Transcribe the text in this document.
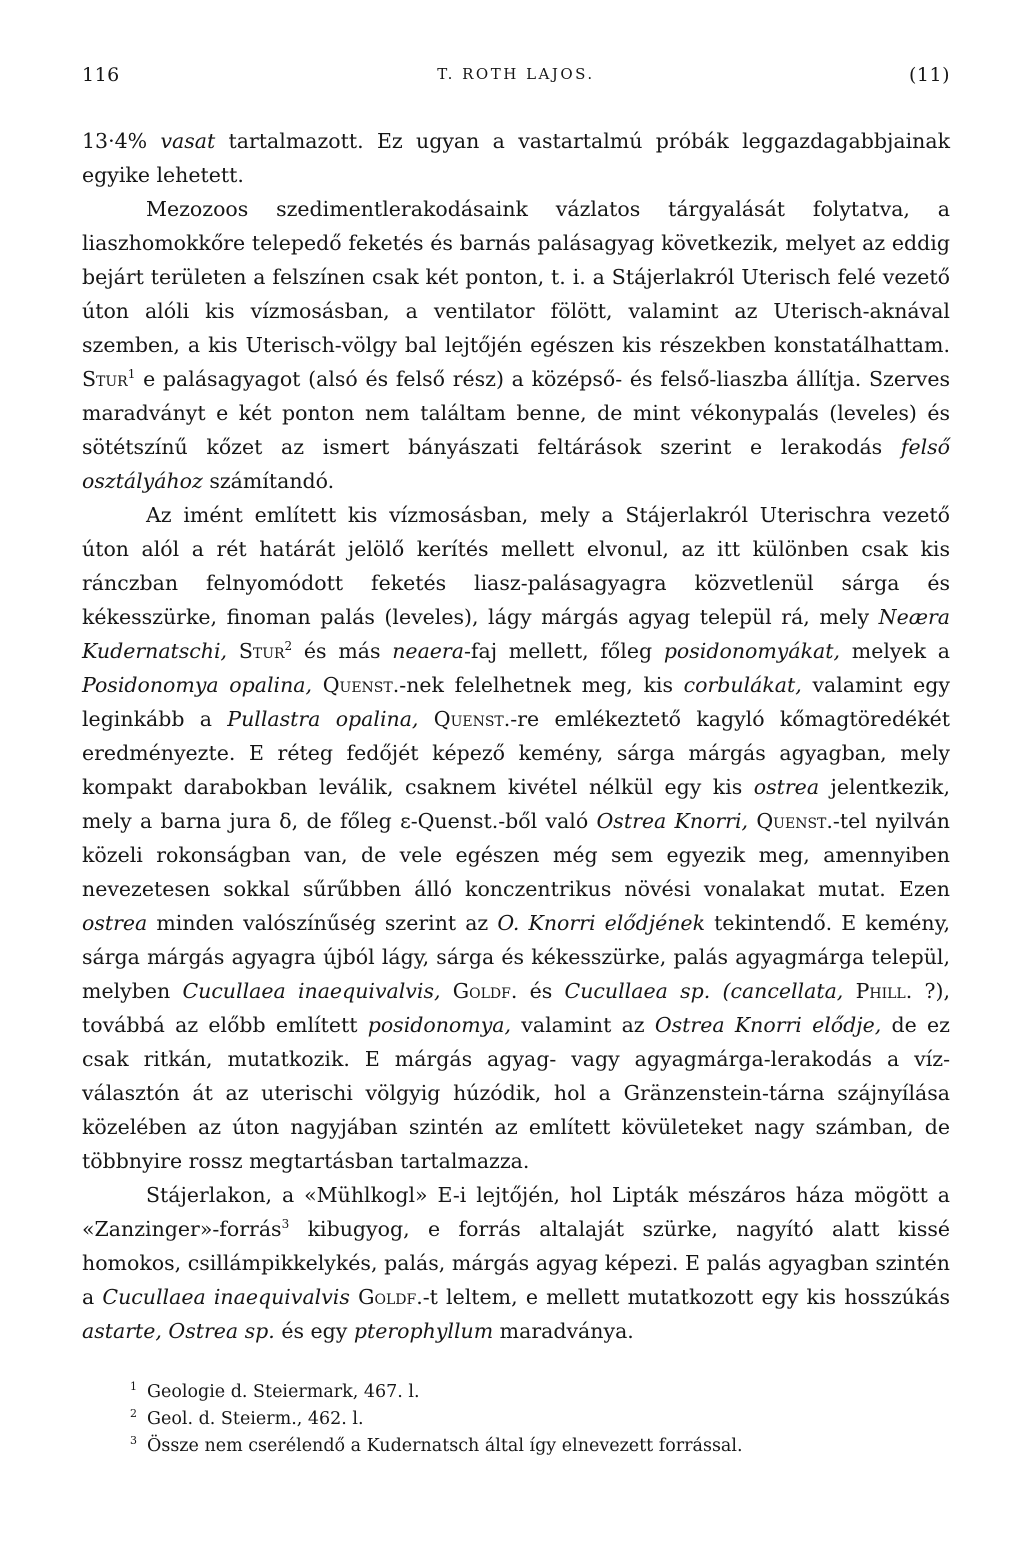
116	T. ROTH LAJOS.	(11)

13·4% vasat tartalmazott. Ez ugyan a vastartalmú próbák leggazdagabbjainak egyike lehetett.

Mezozoos szedimentlerakodásaink vázlatos tárgyalását folytatva, a liaszhomokkőre telepedő feketés és barnás palásagyag következik, melyet az eddig bejárt területen a felszínen csak két ponton, t. i. a Stájerlakról Uterisch felé vezető úton alóli kis vízmosásban, a ventilator fölött, valamint az Uterisch-aknával szemben, a kis Uterisch-völgy bal lejtőjén egészen kis részekben konstatálhattam. Stur$^1$ e palásagyagot (alsó és felső rész) a középső- és felső-liaszba állítja. Szerves maradványt e két ponton nem találtam benne, de mint vékonypalás (leveles) és sötétszínű kőzet az ismert bányászati feltárások szerint e lerakodás felső osztályához számítandó.

Az imént említett kis vízmosásban, mely a Stájerlakról Uterischra vezető úton alól a rét határát jelölő kerítés mellett elvonul, az itt különben csak kis ránczban felnyomódott feketés liasz-palásagyagra közvetlenül sárga és kékesszürke, finoman palás (leveles), lágy márgás agyag települ rá, mely Neæra Kudernatschi, Stur$^2$ és más neaera-faj mellett, főleg posidonomyákat, melyek a Posidonomya opalina, Quenst.-nek felelhetnek meg, kis corbulákat, valamint egy leginkább a Pullastra opalina, Quenst.-re emlékeztető kagyló kőmagtöredékét eredményezte. E réteg fedőjét képező kemény, sárga márgás agyagban, mely kompakt darabokban leválik, csaknem kivétel nélkül egy kis ostrea jelentkezik, mely a barna jura δ, de főleg ε-Quenst.-ből való Ostrea Knorri, Quenst.-tel nyilván közeli rokonságban van, de vele egészen még sem egyezik meg, amennyiben nevezetesen sokkal sűrűbben álló konczentrikus növési vonalakat mutat. Ezen ostrea minden valószínűség szerint az O. Knorri elődjének tekintendő. E kemény, sárga márgás agyagra újból lágy, sárga és kékesszürke, palás agyagmárga települ, melyben Cucullaea inaequivalvis, Goldf. és Cucullaea sp. (cancellata, Phill. ?), továbbá az előbb említett posidonomya, valamint az Ostrea Knorri elődje, de ez csak ritkán, mutatkozik. E márgás agyag- vagy agyagmárga-lerakodás a vízválasztón át az uterischi völgyig húzódik, hol a Gränzenstein-tárna szájnyílása közelében az úton nagyjában szintén az említett kövületeket nagy számban, de többnyire rossz megtartásban tartalmazza.

Stájerlakon, a «Mühlkogl» E-i lejtőjén, hol Lipták mészáros háza mögött a «Zanzinger»-forrás$^3$ kibugyog, e forrás altalaját szürke, nagyító alatt kissé homokos, csillámpikkelykés, palás, márgás agyag képezi. E palás agyagban szintén a Cucullaea inaequivalvis Goldf.-t leltem, e mellett mutatkozott egy kis hosszúkás astarte, Ostrea sp. és egy pterophyllum maradványa.

$^1$ Geologie d. Steiermark, 467. l.

$^2$ Geol. d. Steierm., 462. l.

$^3$ Össze nem cserélendő a Kudernatsch által így elnevezett forrással.
